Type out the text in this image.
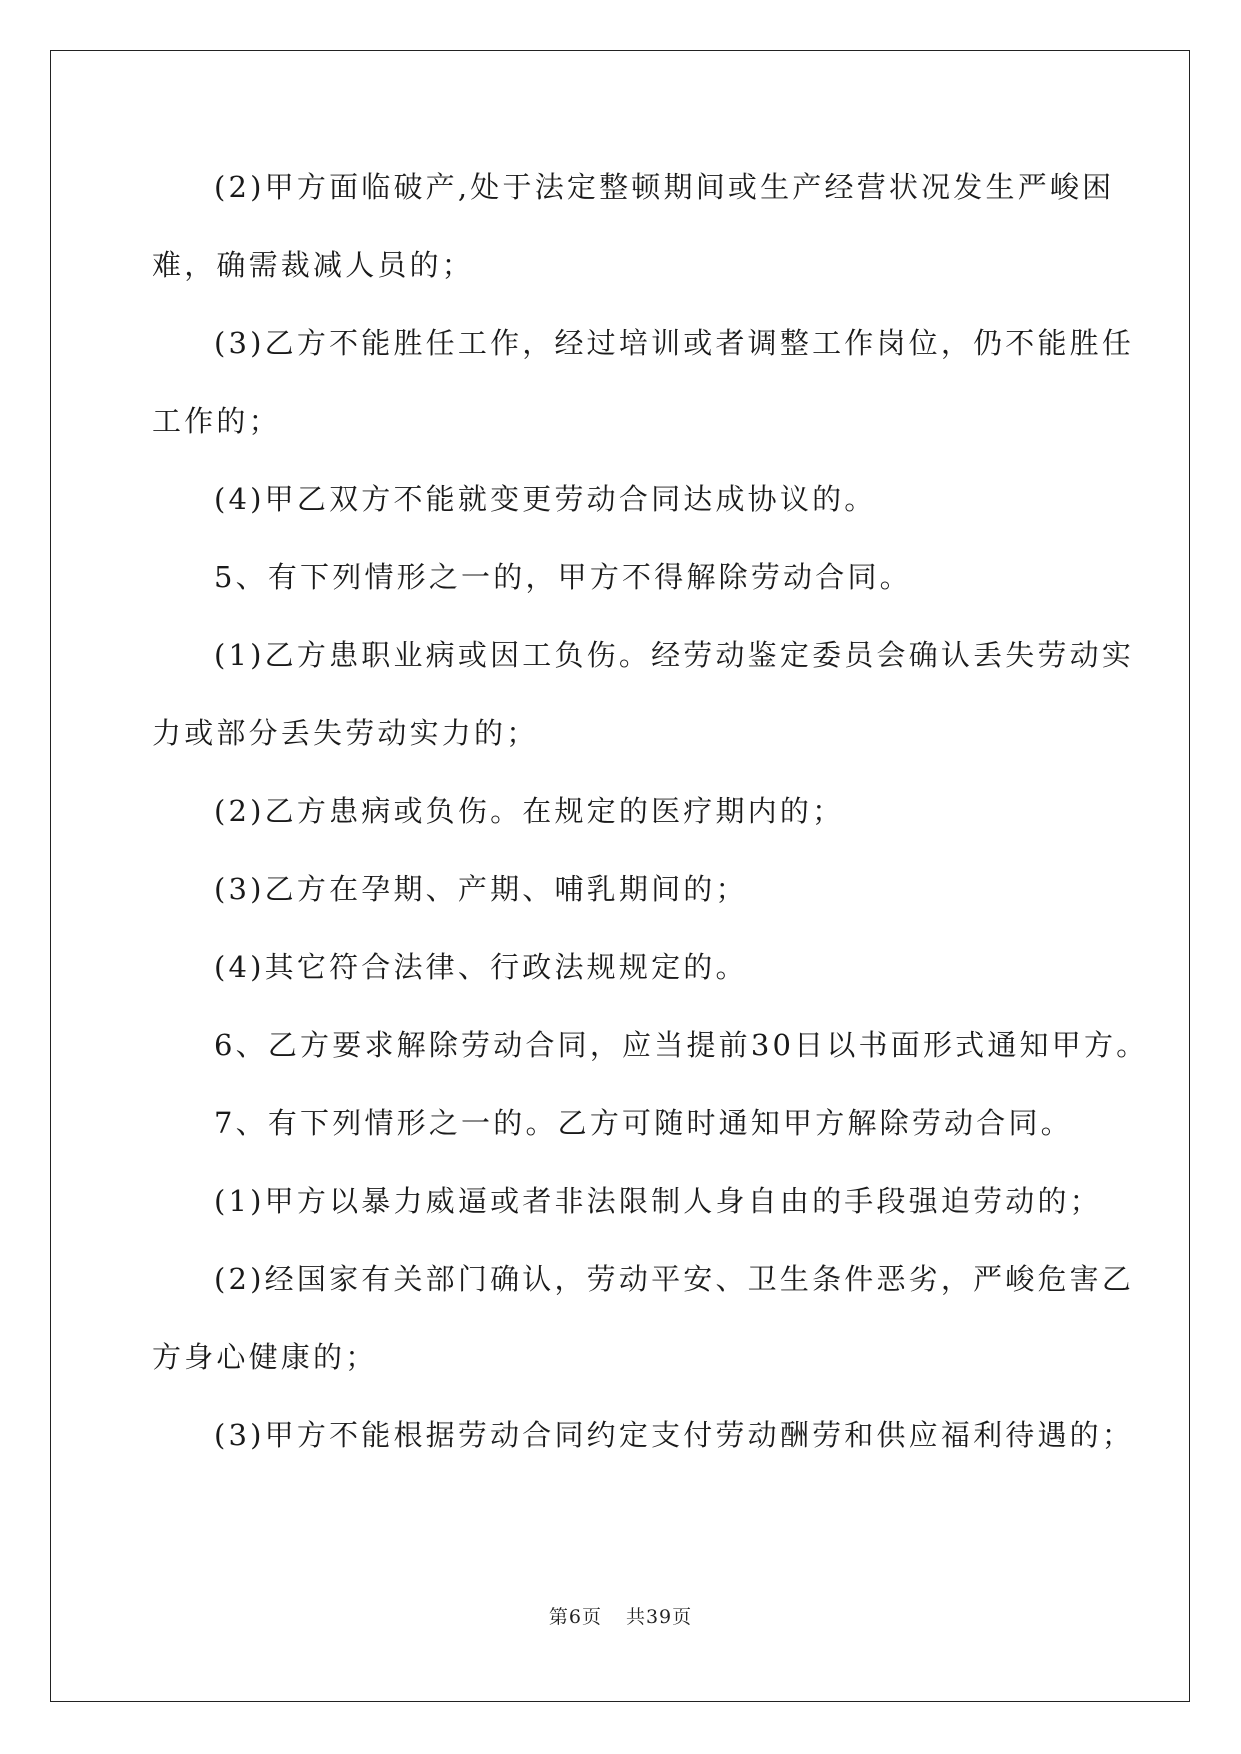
(2)甲方面临破产,处于法定整顿期间或生产经营状况发生严峻困
难，确需裁减人员的；
(3)乙方不能胜任工作，经过培训或者调整工作岗位，仍不能胜任
工作的；
(4)甲乙双方不能就变更劳动合同达成协议的。
5、有下列情形之一的，甲方不得解除劳动合同。
(1)乙方患职业病或因工负伤。经劳动鉴定委员会确认丢失劳动实
力或部分丢失劳动实力的；
(2)乙方患病或负伤。在规定的医疗期内的；
(3)乙方在孕期、产期、哺乳期间的；
(4)其它符合法律、行政法规规定的。
6、乙方要求解除劳动合同，应当提前30日以书面形式通知甲方。
7、有下列情形之一的。乙方可随时通知甲方解除劳动合同。
(1)甲方以暴力威逼或者非法限制人身自由的手段强迫劳动的；
(2)经国家有关部门确认，劳动平安、卫生条件恶劣，严峻危害乙
方身心健康的；
(3)甲方不能根据劳动合同约定支付劳动酬劳和供应福利待遇的；
第6页 共39页
